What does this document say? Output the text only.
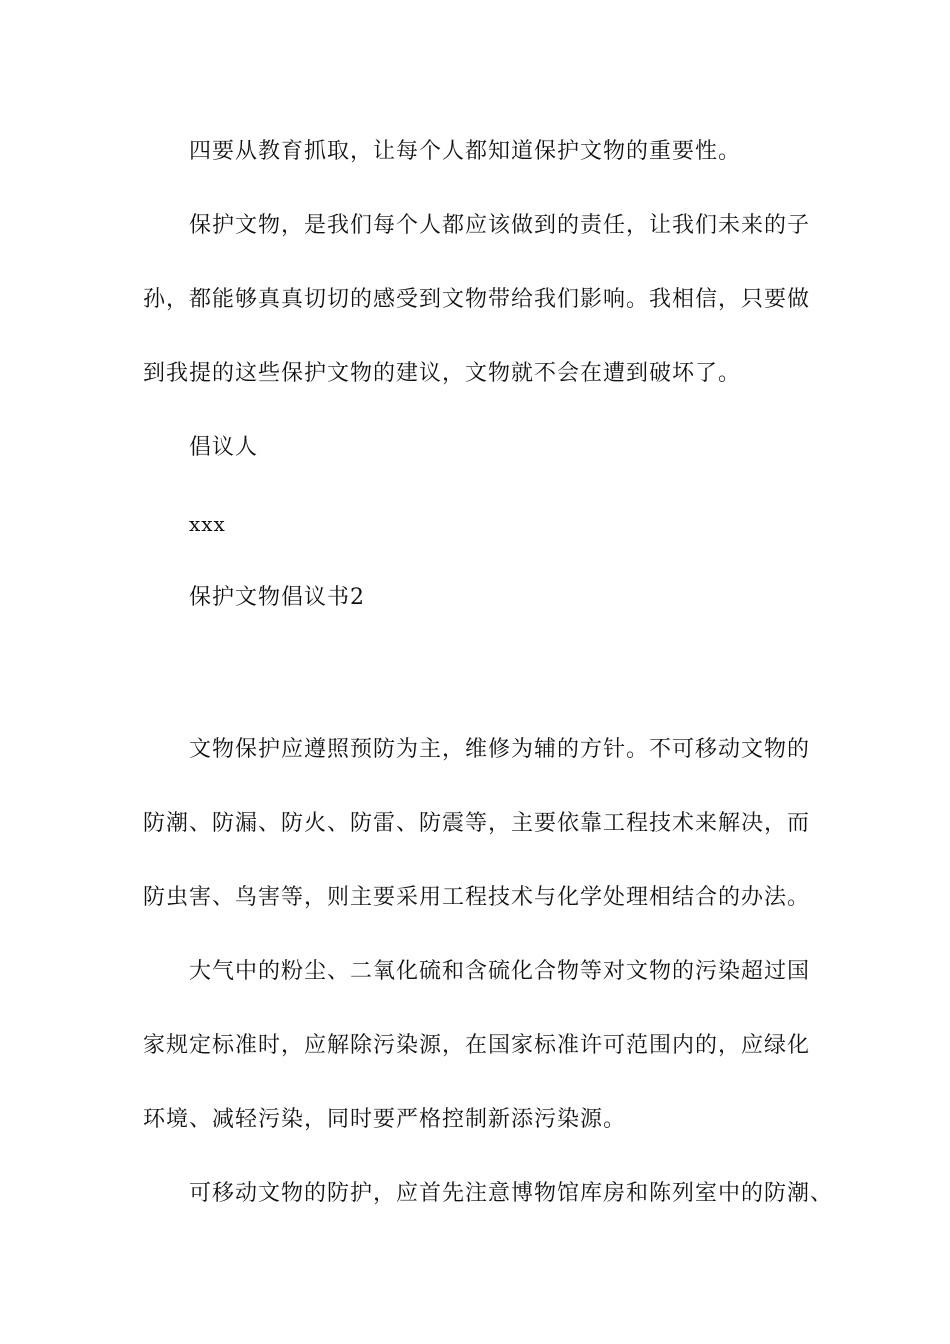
四要从教育抓取，让每个人都知道保护文物的重要性。
保护文物，是我们每个人都应该做到的责任，让我们未来的子
孙，都能够真真切切的感受到文物带给我们影响。我相信，只要做
到我提的这些保护文物的建议，文物就不会在遭到破坏了。
倡议人
xxx
保护文物倡议书2
文物保护应遵照预防为主，维修为辅的方针。不可移动文物的
防潮、防漏、防火、防雷、防震等，主要依靠工程技术来解决，而
防虫害、鸟害等，则主要采用工程技术与化学处理相结合的办法。
大气中的粉尘、二氧化硫和含硫化合物等对文物的污染超过国
家规定标准时，应解除污染源，在国家标准许可范围内的，应绿化
环境、减轻污染，同时要严格控制新添污染源。
可移动文物的防护，应首先注意博物馆库房和陈列室中的防潮、
